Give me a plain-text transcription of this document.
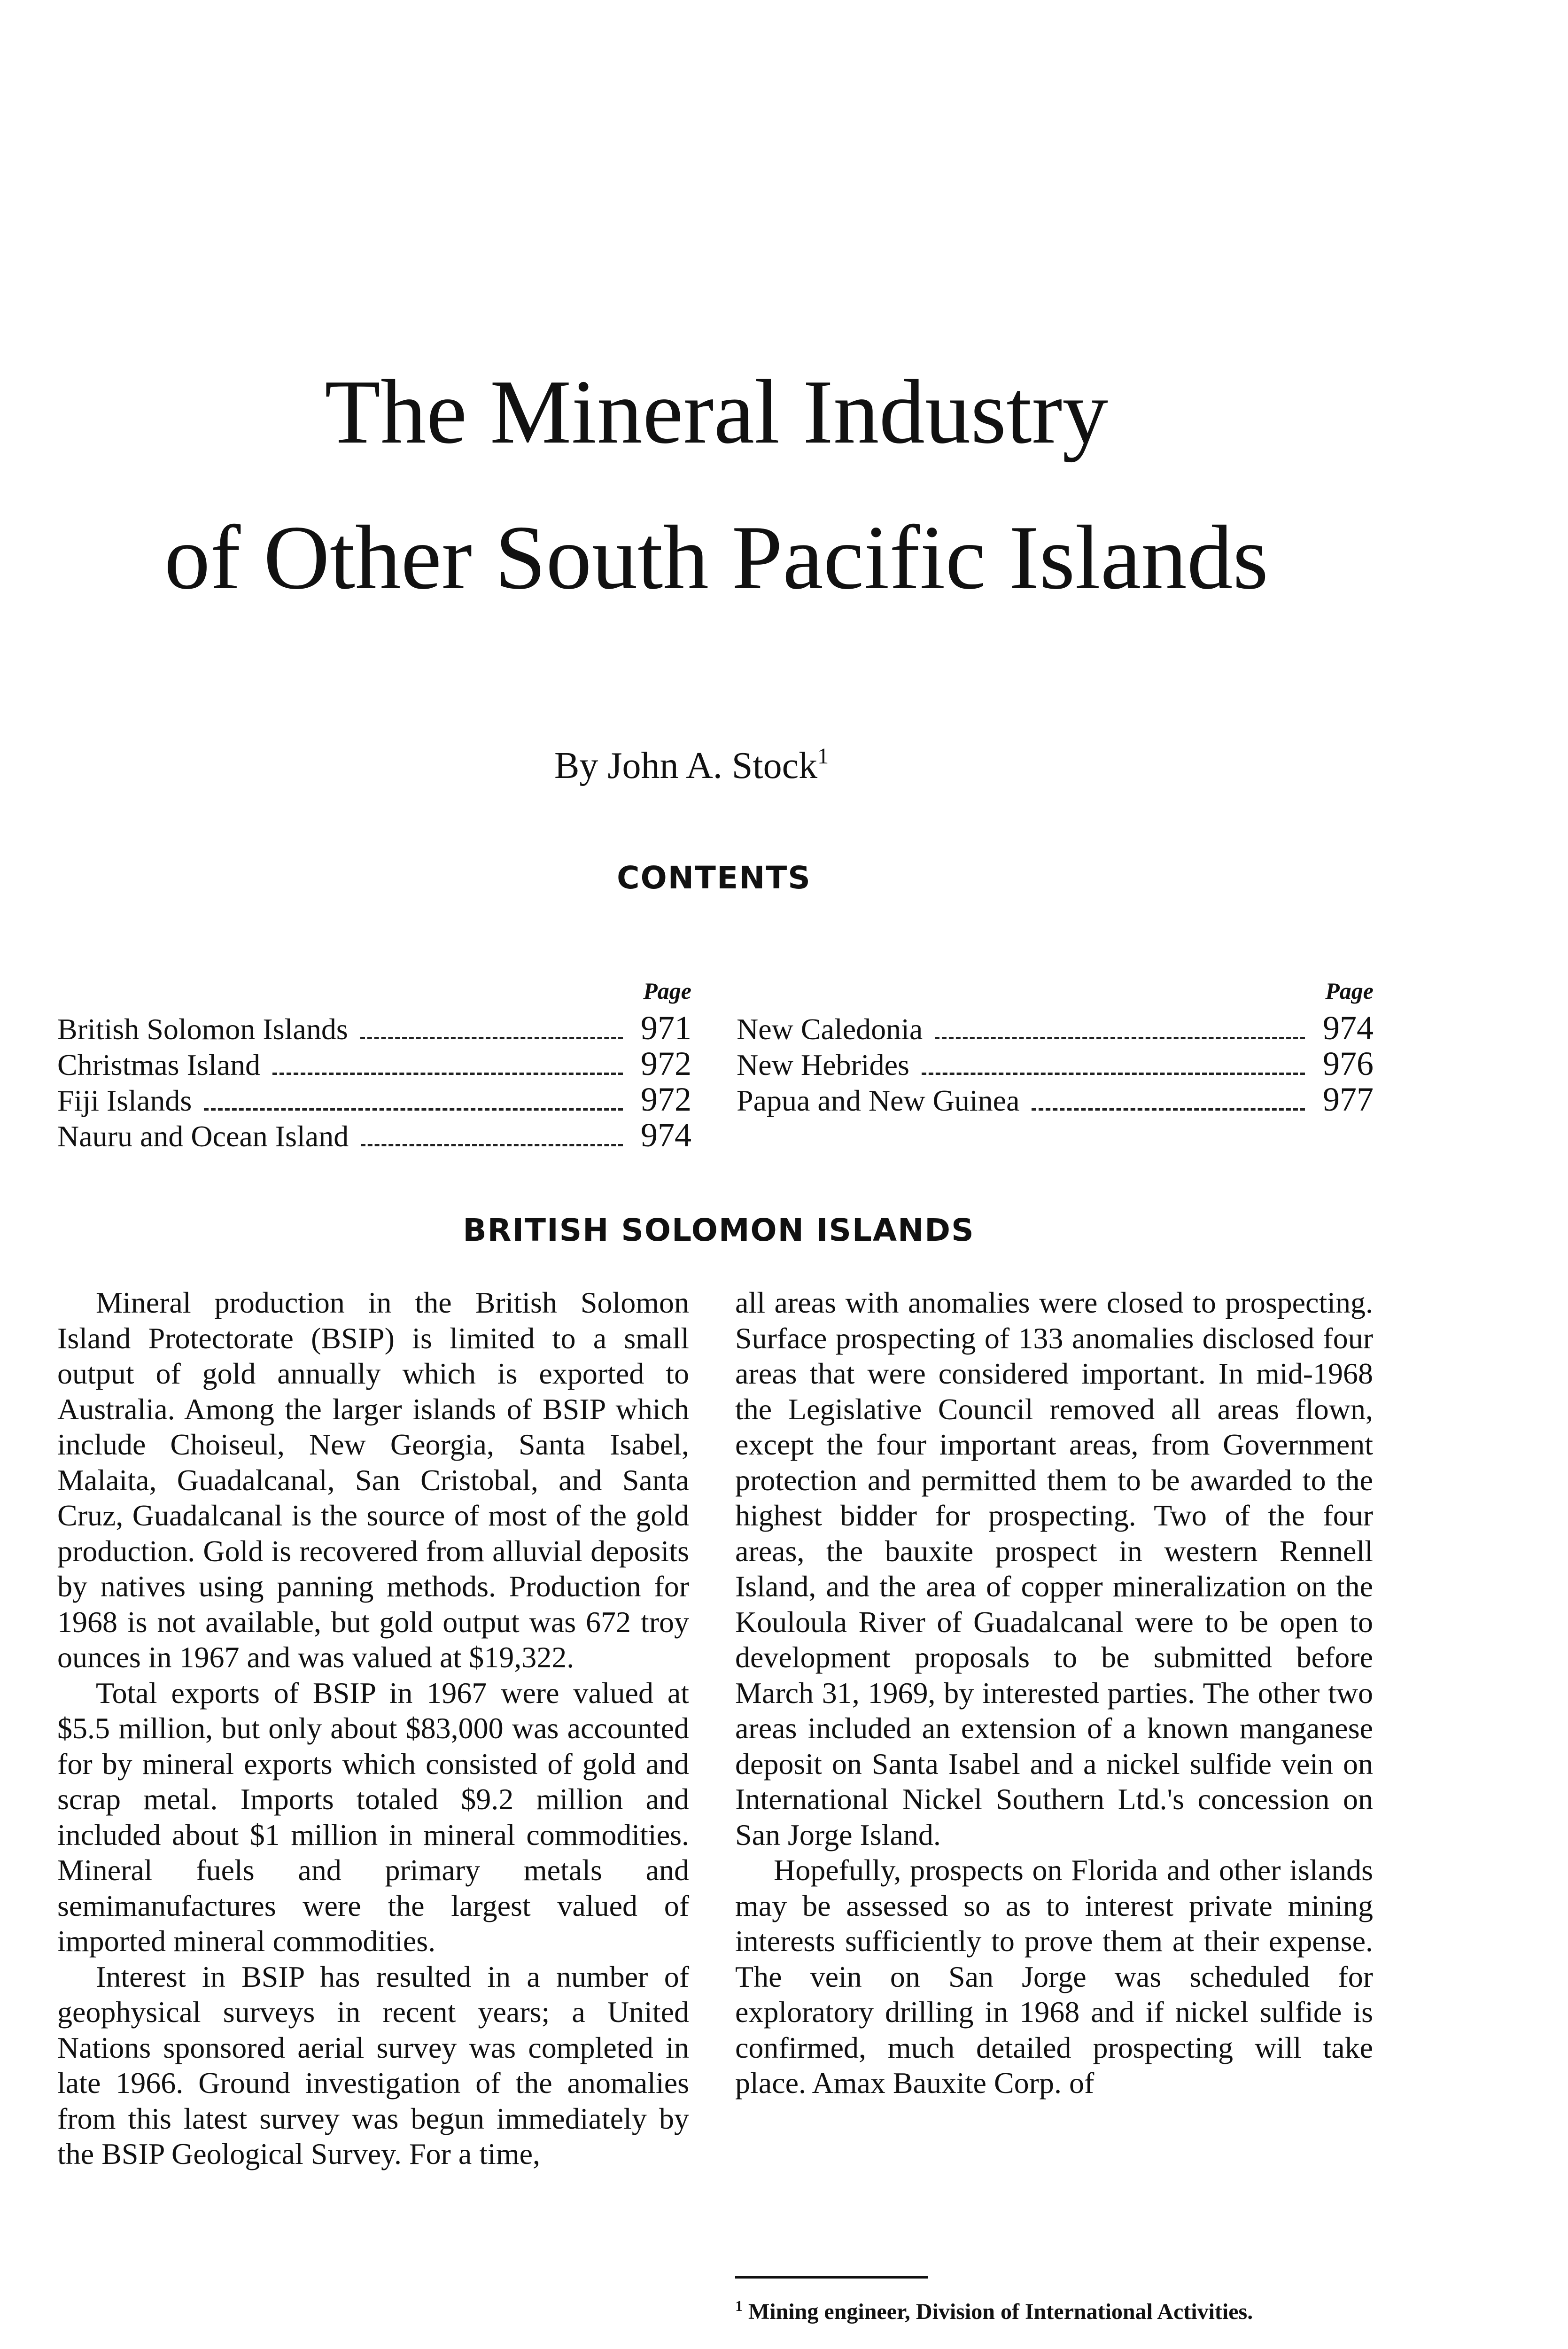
The Mineral Industry
of Other South Pacific Islands
By John A. Stock$^1$
CONTENTS
Page
British Solomon Islands	971
Christmas Island	972
Fiji Islands	972
Nauru and Ocean Island	974
Page
New Caledonia	974
New Hebrides	976
Papua and New Guinea	977
BRITISH SOLOMON ISLANDS

Mineral production in the British Solomon Island Protectorate (BSIP) is limited to a small output of gold annually which is exported to Australia. Among the larger islands of BSIP which include Choiseul, New Georgia, Santa Isabel, Malaita, Guadalcanal, San Cristobal, and Santa Cruz, Guadalcanal is the source of most of the gold production. Gold is recovered from alluvial deposits by natives using panning methods. Production for 1968 is not available, but gold output was 672 troy ounces in 1967 and was valued at $19,322.

Total exports of BSIP in 1967 were valued at $5.5 million, but only about $83,000 was accounted for by mineral exports which consisted of gold and scrap metal. Imports totaled $9.2 million and included about $1 million in mineral commodities. Mineral fuels and primary metals and semimanufactures were the largest valued of imported mineral commodities.

Interest in BSIP has resulted in a number of geophysical surveys in recent years; a United Nations sponsored aerial survey was completed in late 1966. Ground investigation of the anomalies from this latest survey was begun immediately by the BSIP Geological Survey. For a time,

all areas with anomalies were closed to prospecting. Surface prospecting of 133 anomalies disclosed four areas that were considered important. In mid-1968 the Legislative Council removed all areas flown, except the four important areas, from Government protection and permitted them to be awarded to the highest bidder for prospecting. Two of the four areas, the bauxite prospect in western Rennell Island, and the area of copper mineralization on the Kouloula River of Guadalcanal were to be open to development proposals to be submitted before March 31, 1969, by interested parties. The other two areas included an extension of a known manganese deposit on Santa Isabel and a nickel sulfide vein on International Nickel Southern Ltd.'s concession on San Jorge Island.

Hopefully, prospects on Florida and other islands may be assessed so as to interest private mining interests sufficiently to prove them at their expense. The vein on San Jorge was scheduled for exploratory drilling in 1968 and if nickel sulfide is confirmed, much detailed prospecting will take place. Amax Bauxite Corp. of

$^1$ Mining engineer, Division of International Activities.
